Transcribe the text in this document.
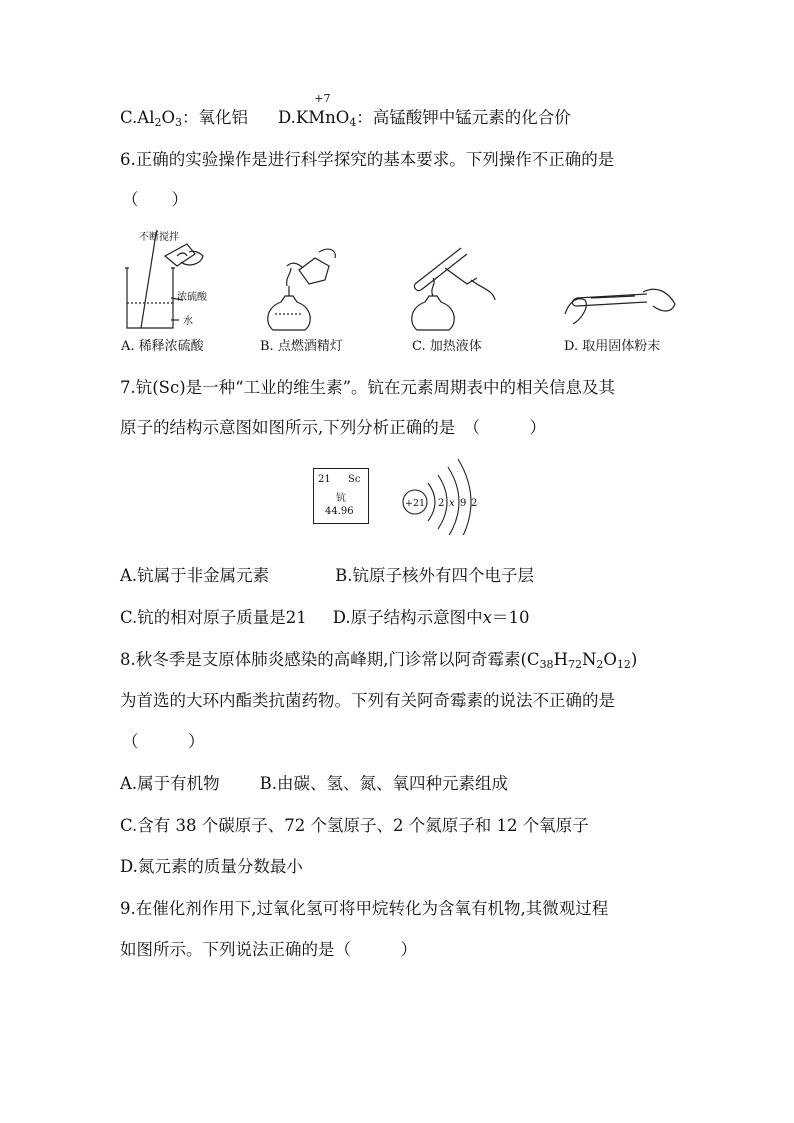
$C.Al_2O_3$：氧化铝 D.K
+7
MnO$_4$：高锰酸钾中锰元素的化合价
6.正确的实验操作是进行科学探究的基本要求。下列操作不正确的是
（　　）
不断搅拌
浓硫酸
水
A. 稀释浓硫酸	B. 点燃酒精灯	C. 加热液体	D. 取用固体粉末
7.钪(Sc)是一种“工业的维生素”。钪在元素周期表中的相关信息及其
原子的结构示意图如图所示,下列分析正确的是　（　　　）
21 Sc
钪
44.96
+21 2 x 9 2
A.钪属于非金属元素	B.钪原子核外有四个电子层
C.钪的相对原子质量是21 D.原子结构示意图中x＝10
8.秋冬季是支原体肺炎感染的高峰期,门诊常以阿奇霉素$(C_{38}H_{72}N_2O_{12})$
为首选的大环内酯类抗菌药物。下列有关阿奇霉素的说法不正确的是
（　　　）
A.属于有机物 B.由碳、氢、氮、氧四种元素组成
C.含有 38 个碳原子、72 个氢原子、2 个氮原子和 12 个氧原子
D.氮元素的质量分数最小
9.在催化剂作用下,过氧化氢可将甲烷转化为含氧有机物,其微观过程
如图所示。下列说法正确的是（　　　）
